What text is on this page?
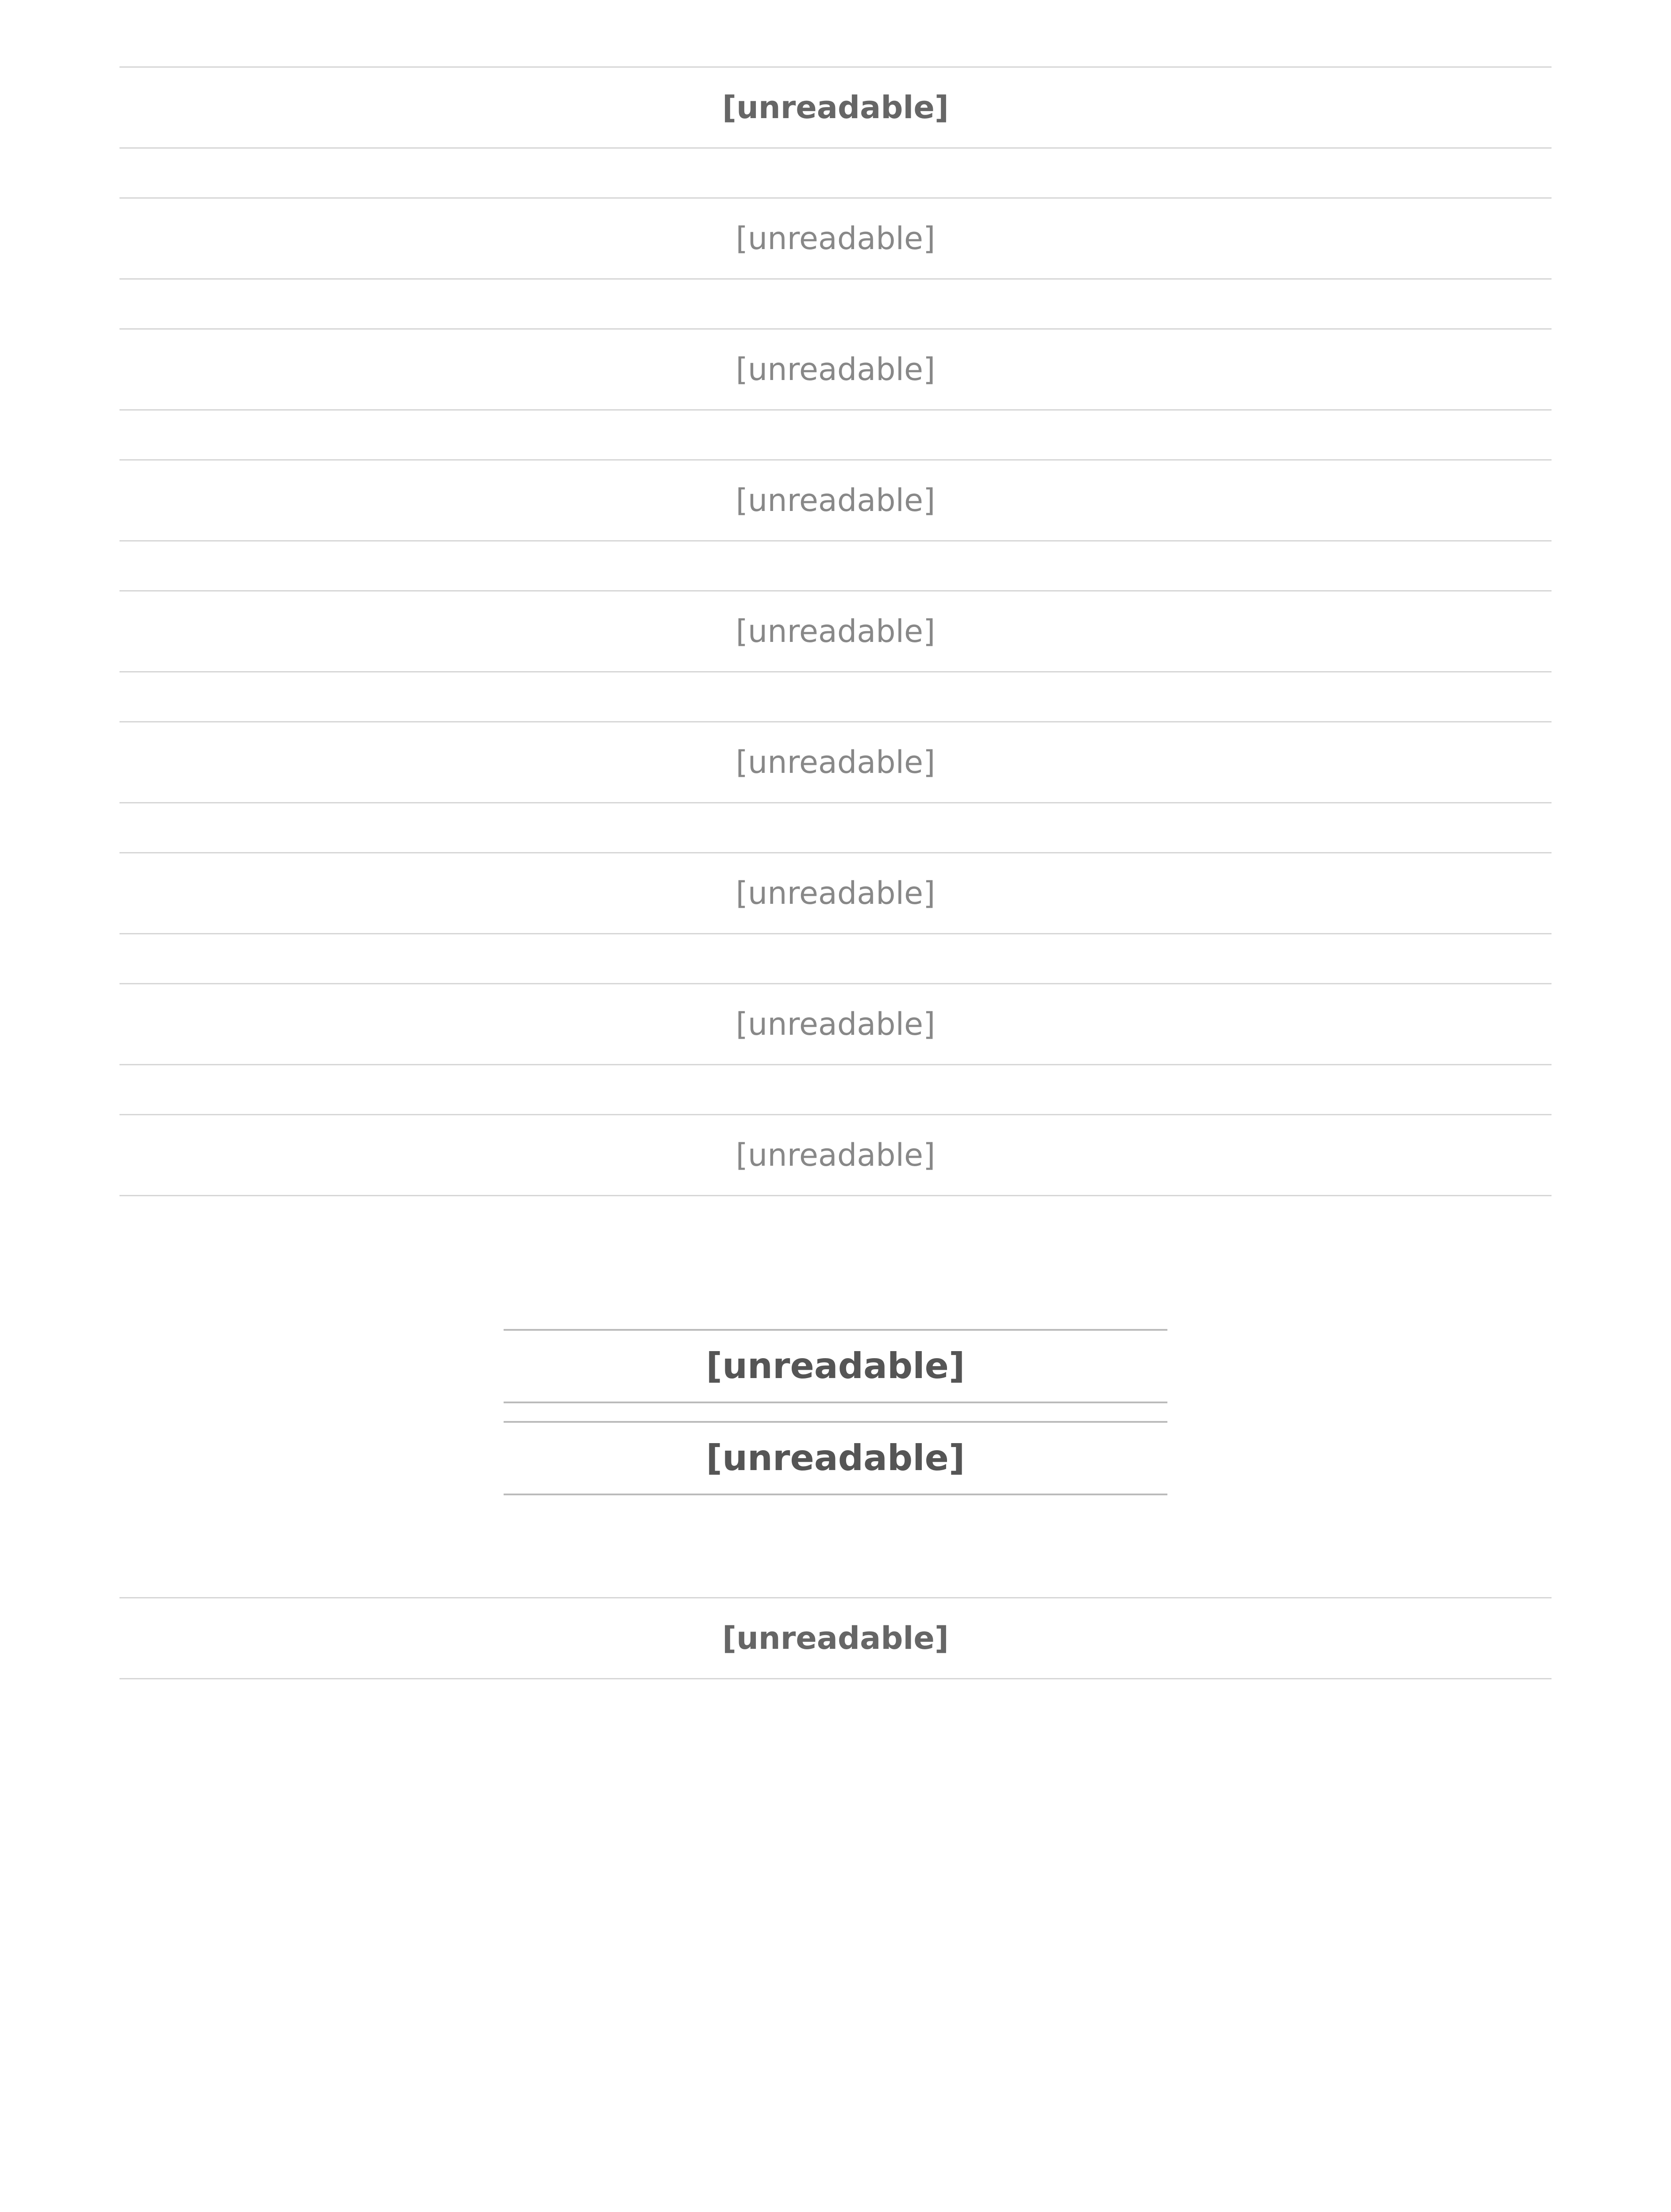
[unreadable]
[unreadable]
[unreadable]
[unreadable]
[unreadable]
[unreadable]
[unreadable]
[unreadable]
[unreadable]
[unreadable]
[unreadable]
[unreadable]
